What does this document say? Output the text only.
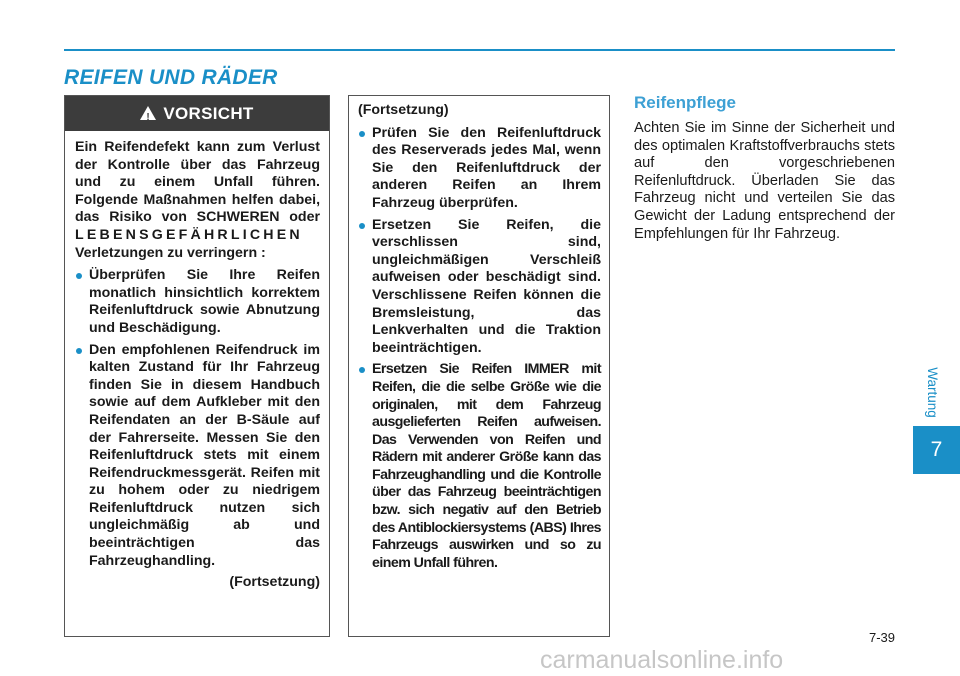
REIFEN UND RÄDER
!
VORSICHT

Ein Reifendefekt kann zum Verlust der Kontrolle über das Fahrzeug und zu einem Unfall führen. Folgende Maßnahmen helfen dabei, das Risiko von SCHWEREN oder LEBENSGEFÄHRLICHEN Verletzungen zu verringern :

Überprüfen Sie Ihre Reifen monatlich hinsichtlich korrektem Reifenluftdruck sowie Abnutzung und Beschädigung.
Den empfohlenen Reifendruck im kalten Zustand für Ihr Fahrzeug finden Sie in diesem Handbuch sowie auf dem Aufkleber mit den Reifendaten an der B-Säule auf der Fahrerseite. Messen Sie den Reifenluftdruck stets mit einem Reifendruckmessgerät. Reifen mit zu hohem oder zu niedrigem Reifenluftdruck nutzen sich ungleichmäßig ab und beeinträchtigen das Fahrzeughandling.
(Fortsetzung)

(Fortsetzung)

Prüfen Sie den Reifenluftdruck des Reserverads jedes Mal, wenn Sie den Reifenluftdruck der anderen Reifen an Ihrem Fahrzeug überprüfen.
Ersetzen Sie Reifen, die verschlissen sind, ungleichmäßigen Verschleiß aufweisen oder beschädigt sind. Verschlissene Reifen können die Bremsleistung, das Lenkverhalten und die Traktion beeinträchtigen.
Ersetzen Sie Reifen IMMER mit Reifen, die die selbe Größe wie die originalen, mit dem Fahrzeug ausgelieferten Reifen aufweisen. Das Verwenden von Reifen und Rädern mit anderer Größe kann das Fahrzeughandling und die Kontrolle über das Fahrzeug beeinträchtigen bzw. sich negativ auf den Betrieb des Antiblockiersystems (ABS) Ihres Fahrzeugs auswirken und so zu einem Unfall führen.
Reifenpflege

Achten Sie im Sinne der Sicherheit und des optimalen Kraftstoffverbrauchs stets auf den vorgeschriebenen Reifenluftdruck. Überladen Sie das Fahrzeug nicht und verteilen Sie das Gewicht der Ladung entsprechend der Empfehlungen für Ihr Fahrzeug.

Wartung
7
7-39
carmanualsonline.info
